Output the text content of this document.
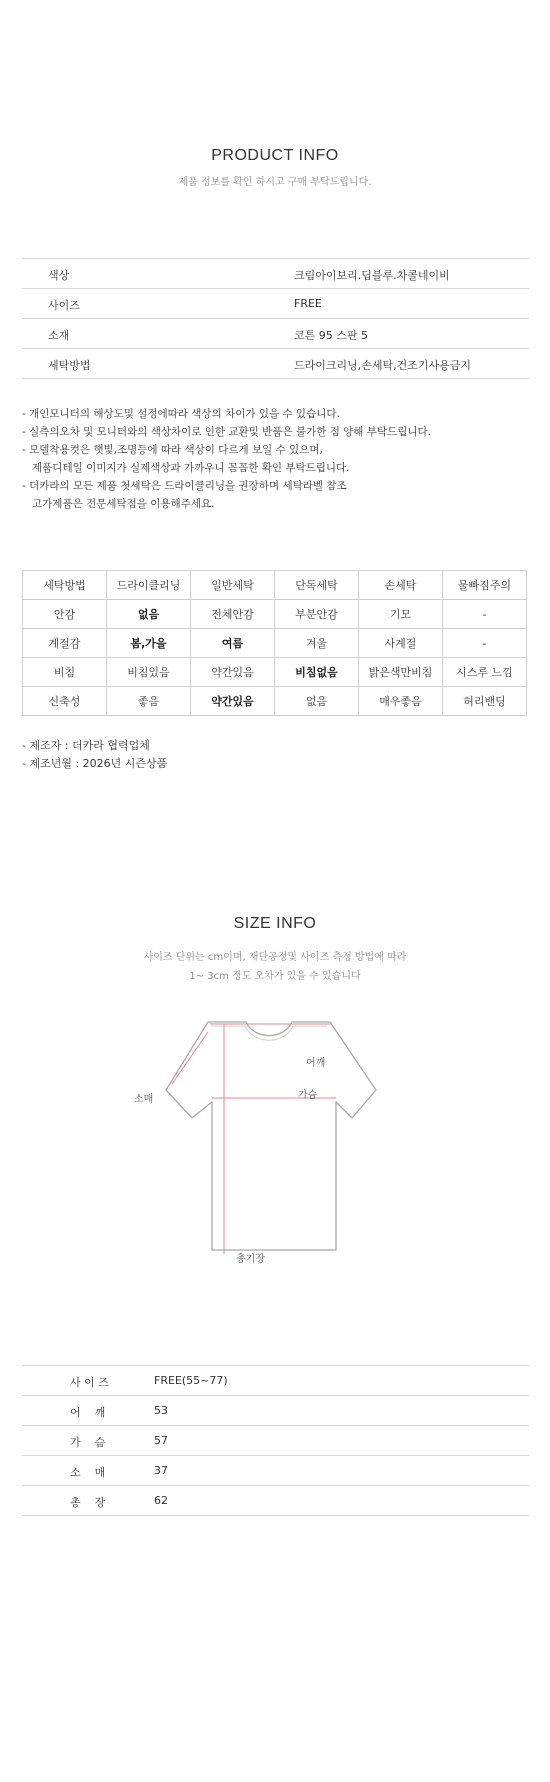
PRODUCT INFO
제품 정보를 확인 하시고 구매 부탁드립니다.
색상	크림아이보리.딥블루.차콜네이비
사이즈	FREE
소재	코튼 95 스판 5
세탁방법	드라이크리닝,손세탁,건조기사용금지
- 개인모니터의 해상도및 설정에따라 색상의 차이가 있을 수 있습니다.
- 실측의오차 및 모니터와의 색상차이로 인한 교환및 반품은 불가한 점 양해 부탁드립니다.
- 모델착용컷은 햇빛,조명등에 따라 색상이 다르게 보일 수 있으며,
제품디테일 이미지가 실제색상과 가까우니 꼼꼼한 확인 부탁드립니다.
- 더카라의 모든 제품 첫세탁은 드라이클리닝을 권장하며 세탁라벨 참조
고가제품은 전문세탁점을 이용해주세요.
세탁방법	드라이클리닝	일반세탁	단독세탁	손세탁	물빠짐주의
안감	없음	전체안감	부분안감	기모	-
계절감	봄,가을	여름	겨울	사계절	-
비침	비침있음	약간있음	비침없음	밝은색만비침	시스루 느낌
신축성	좋음	약간있음	없음	매우좋음	허리밴딩
- 제조자 : 더카라 협력업체
- 제조년월 : 2026년 시즌상품
SIZE INFO
사이즈 단위는 cm이며, 재단공정및 사이즈 측정 방법에 따라
1~ 3cm 정도 오차가 있을 수 있습니다
어깨
가슴
소매
총기장
사 이 즈	FREE(55~77)
어    깨	53
가    슴	57
소    매	37
총    장	62
